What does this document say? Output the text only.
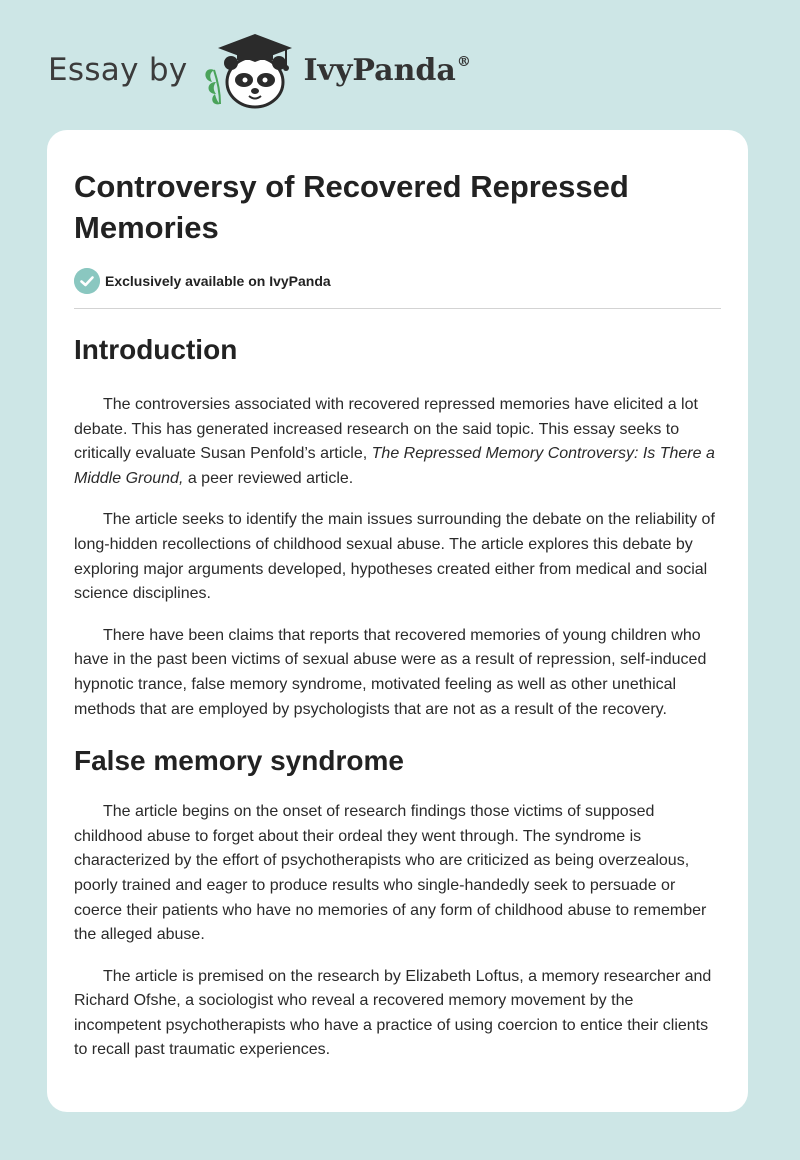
Essay by	IvyPanda®
Controversy of Recovered Repressed Memories
Exclusively available on IvyPanda
Introduction

The controversies associated with recovered repressed memories have elicited a lot debate. This has generated increased research on the said topic. This essay seeks to critically evaluate Susan Penfold’s article, The Repressed Memory Controversy: Is There a Middle Ground, a peer reviewed article.

The article seeks to identify the main issues surrounding the debate on the reliability of long-hidden recollections of childhood sexual abuse. The article explores this debate by exploring major arguments developed, hypotheses created either from medical and social science disciplines.

There have been claims that reports that recovered memories of young children who have in the past been victims of sexual abuse were as a result of repression, self-induced hypnotic trance, false memory syndrome, motivated feeling as well as other unethical methods that are employed by psychologists that are not as a result of the recovery.

False memory syndrome

The article begins on the onset of research findings those victims of supposed childhood abuse to forget about their ordeal they went through. The syndrome is characterized by the effort of psychotherapists who are criticized as being overzealous, poorly trained and eager to produce results who single-handedly seek to persuade or coerce their patients who have no memories of any form of childhood abuse to remember the alleged abuse.

The article is premised on the research by Elizabeth Loftus, a memory researcher and Richard Ofshe, a sociologist who reveal a recovered memory movement by the incompetent psychotherapists who have a practice of using coercion to entice their clients to recall past traumatic experiences.
